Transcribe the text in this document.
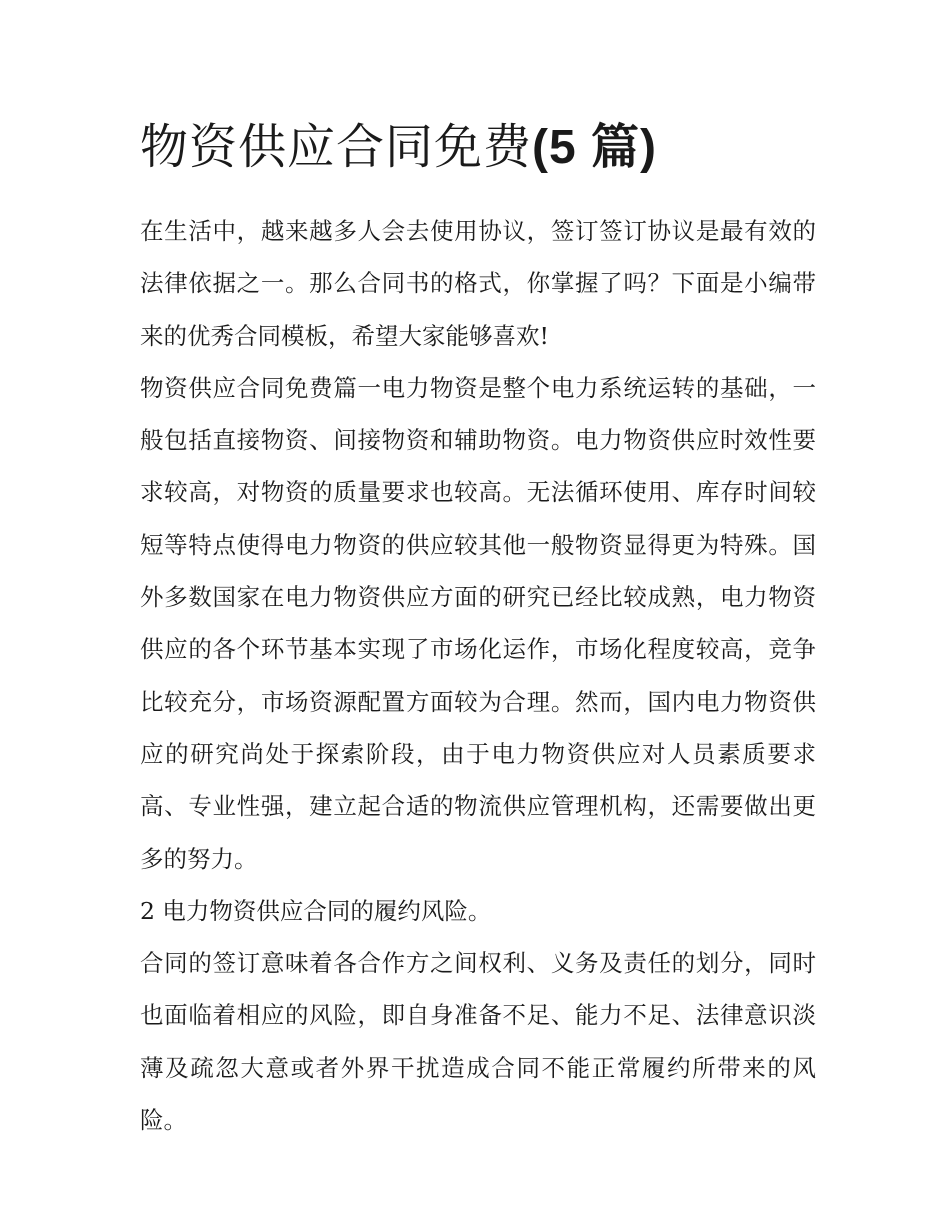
物资供应合同免费(5 篇)

在生活中，越来越多人会去使用协议，签订签订协议是最有效的法律依据之一。那么合同书的格式，你掌握了吗？下面是小编带来的优秀合同模板，希望大家能够喜欢!

物资供应合同免费篇一电力物资是整个电力系统运转的基础，一般包括直接物资、间接物资和辅助物资。电力物资供应时效性要求较高，对物资的质量要求也较高。无法循环使用、库存时间较短等特点使得电力物资的供应较其他一般物资显得更为特殊。国外多数国家在电力物资供应方面的研究已经比较成熟，电力物资供应的各个环节基本实现了市场化运作，市场化程度较高，竞争比较充分，市场资源配置方面较为合理。然而，国内电力物资供应的研究尚处于探索阶段，由于电力物资供应对人员素质要求高、专业性强，建立起合适的物流供应管理机构，还需要做出更多的努力。

2 电力物资供应合同的履约风险。

合同的签订意味着各合作方之间权利、义务及责任的划分，同时也面临着相应的风险，即自身准备不足、能力不足、法律意识淡薄及疏忽大意或者外界干扰造成合同不能正常履约所带来的风险。
